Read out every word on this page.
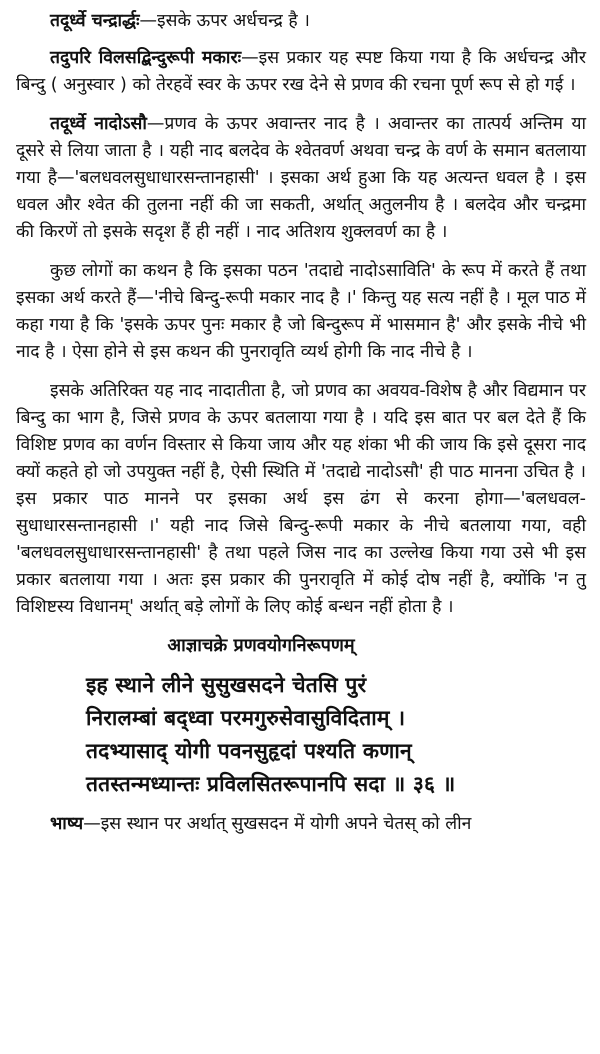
तदूर्ध्वे चन्द्रार्द्धः—इसके ऊपर अर्धचन्द्र है ।

तदुपरि विलसद्बिन्दुरूपी मकारः—इस प्रकार यह स्पष्ट किया गया है कि अर्धचन्द्र और बिन्दु ( अनुस्वार ) को तेरहवें स्वर के ऊपर रख देने से प्रणव की रचना पूर्ण रूप से हो गई ।

तदूर्ध्वे नादोऽसौ—प्रणव के ऊपर अवान्तर नाद है । अवान्तर का तात्पर्य अन्तिम या दूसरे से लिया जाता है । यही नाद बलदेव के श्वेतवर्ण अथवा चन्द्र के वर्ण के समान बतलाया गया है—'बलधवलसुधाधारसन्तानहासी' । इसका अर्थ हुआ कि यह अत्यन्त धवल है । इस धवल और श्वेत की तुलना नहीं की जा सकती, अर्थात् अतुलनीय है । बलदेव और चन्द्रमा की किरणें तो इसके सदृश हैं ही नहीं । नाद अतिशय शुक्लवर्ण का है ।

कुछ लोगों का कथन है कि इसका पठन 'तदाद्ये नादोऽसाविति' के रूप में करते हैं तथा इसका अर्थ करते हैं—'नीचे बिन्दु-रूपी मकार नाद है ।' किन्तु यह सत्य नहीं है । मूल पाठ में कहा गया है कि 'इसके ऊपर पुनः मकार है जो बिन्दुरूप में भासमान है' और इसके नीचे भी नाद है । ऐसा होने से इस कथन की पुनरावृति व्यर्थ होगी कि नाद नीचे है ।

इसके अतिरिक्त यह नाद नादातीता है, जो प्रणव का अवयव-विशेष है और विद्यमान पर बिन्दु का भाग है, जिसे प्रणव के ऊपर बतलाया गया है । यदि इस बात पर बल देते हैं कि विशिष्ट प्रणव का वर्णन विस्तार से किया जाय और यह शंका भी की जाय कि इसे दूसरा नाद क्यों कहते हो जो उपयुक्त नहीं है, ऐसी स्थिति में 'तदाद्ये नादोऽसौ' ही पाठ मानना उचित है । इस प्रकार पाठ मानने पर इसका अर्थ इस ढंग से करना होगा—'बलधवल-सुधाधारसन्तानहासी ।' यही नाद जिसे बिन्दु-रूपी मकार के नीचे बतलाया गया, वही 'बलधवलसुधाधारसन्तानहासी' है तथा पहले जिस नाद का उल्लेख किया गया उसे भी इस प्रकार बतलाया गया । अतः इस प्रकार की पुनरावृति में कोई दोष नहीं है, क्योंकि 'न तु विशिष्टस्य विधानम्' अर्थात् बड़े लोगों के लिए कोई बन्धन नहीं होता है ।

आज्ञाचक्रे प्रणवयोगनिरूपणम्
इह स्थाने लीने सुसुखसदने चेतसि पुरं
निरालम्बां बद्ध्वा परमगुरुसेवासुविदिताम् ।
तदभ्यासाद् योगी पवनसुहृदां पश्यति कणान्
ततस्तन्मध्यान्तः प्रविलसितरूपानपि सदा ॥ ३६ ॥

भाष्य—इस स्थान पर अर्थात् सुखसदन में योगी अपने चेतस् को लीन
